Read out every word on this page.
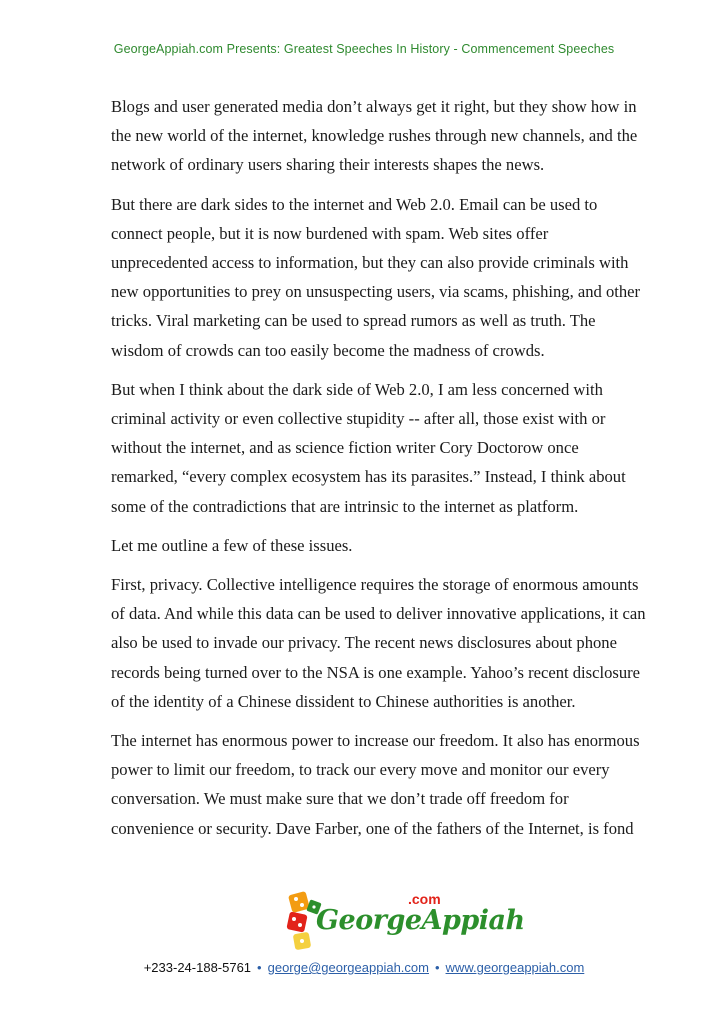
GeorgeAppiah.com Presents: Greatest Speeches In History - Commencement Speeches

Blogs and user generated media don’t always get it right, but they show how in
the new world of the internet, knowledge rushes through new channels, and the
network of ordinary users sharing their interests shapes the news.

But there are dark sides to the internet and Web 2.0. Email can be used to
connect people, but it is now burdened with spam. Web sites offer
unprecedented access to information, but they can also provide criminals with
new opportunities to prey on unsuspecting users, via scams, phishing, and other
tricks. Viral marketing can be used to spread rumors as well as truth. The
wisdom of crowds can too easily become the madness of crowds.

But when I think about the dark side of Web 2.0, I am less concerned with
criminal activity or even collective stupidity -- after all, those exist with or
without the internet, and as science fiction writer Cory Doctorow once
remarked, “every complex ecosystem has its parasites.” Instead, I think about
some of the contradictions that are intrinsic to the internet as platform.

Let me outline a few of these issues.

First, privacy. Collective intelligence requires the storage of enormous amounts
of data. And while this data can be used to deliver innovative applications, it can
also be used to invade our privacy. The recent news disclosures about phone
records being turned over to the NSA is one example. Yahoo’s recent disclosure
of the identity of a Chinese dissident to Chinese authorities is another.

The internet has enormous power to increase our freedom. It also has enormous
power to limit our freedom, to track our every move and monitor our every
conversation. We must make sure that we don’t trade off freedom for
convenience or security. Dave Farber, one of the fathers of the Internet, is fond

GeorgeAppiah
.com
+233-24-188-5761 • george@georgeappiah.com • www.georgeappiah.com
